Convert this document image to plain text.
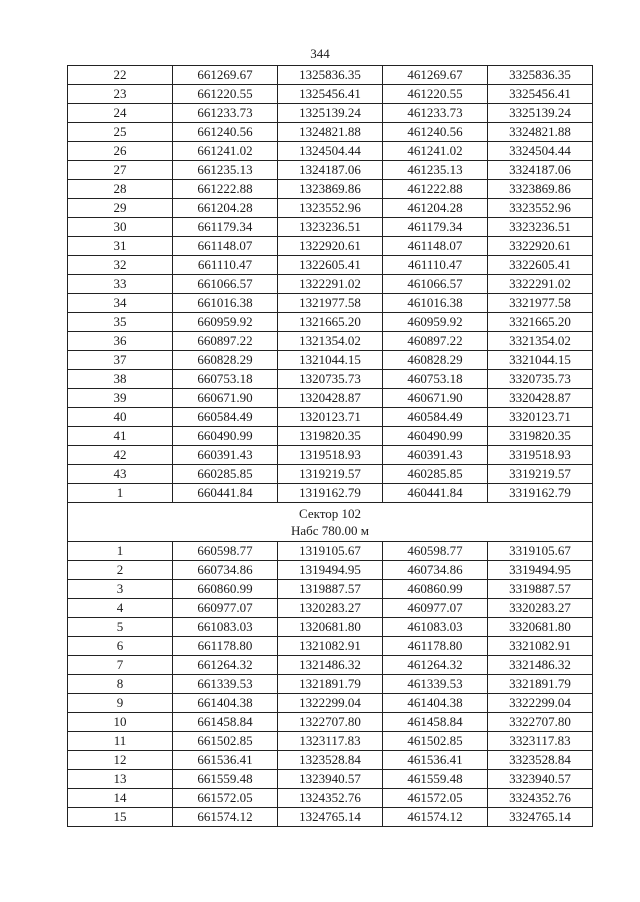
344
22	661269.67	1325836.35	461269.67	3325836.35
23	661220.55	1325456.41	461220.55	3325456.41
24	661233.73	1325139.24	461233.73	3325139.24
25	661240.56	1324821.88	461240.56	3324821.88
26	661241.02	1324504.44	461241.02	3324504.44
27	661235.13	1324187.06	461235.13	3324187.06
28	661222.88	1323869.86	461222.88	3323869.86
29	661204.28	1323552.96	461204.28	3323552.96
30	661179.34	1323236.51	461179.34	3323236.51
31	661148.07	1322920.61	461148.07	3322920.61
32	661110.47	1322605.41	461110.47	3322605.41
33	661066.57	1322291.02	461066.57	3322291.02
34	661016.38	1321977.58	461016.38	3321977.58
35	660959.92	1321665.20	460959.92	3321665.20
36	660897.22	1321354.02	460897.22	3321354.02
37	660828.29	1321044.15	460828.29	3321044.15
38	660753.18	1320735.73	460753.18	3320735.73
39	660671.90	1320428.87	460671.90	3320428.87
40	660584.49	1320123.71	460584.49	3320123.71
41	660490.99	1319820.35	460490.99	3319820.35
42	660391.43	1319518.93	460391.43	3319518.93
43	660285.85	1319219.57	460285.85	3319219.57
1	660441.84	1319162.79	460441.84	3319162.79

Сектор 102
Набс 780.00 м				

1	660598.77	1319105.67	460598.77	3319105.67
2	660734.86	1319494.95	460734.86	3319494.95
3	660860.99	1319887.57	460860.99	3319887.57
4	660977.07	1320283.27	460977.07	3320283.27
5	661083.03	1320681.80	461083.03	3320681.80
6	661178.80	1321082.91	461178.80	3321082.91
7	661264.32	1321486.32	461264.32	3321486.32
8	661339.53	1321891.79	461339.53	3321891.79
9	661404.38	1322299.04	461404.38	3322299.04
10	661458.84	1322707.80	461458.84	3322707.80
11	661502.85	1323117.83	461502.85	3323117.83
12	661536.41	1323528.84	461536.41	3323528.84
13	661559.48	1323940.57	461559.48	3323940.57
14	661572.05	1324352.76	461572.05	3324352.76
15	661574.12	1324765.14	461574.12	3324765.14
